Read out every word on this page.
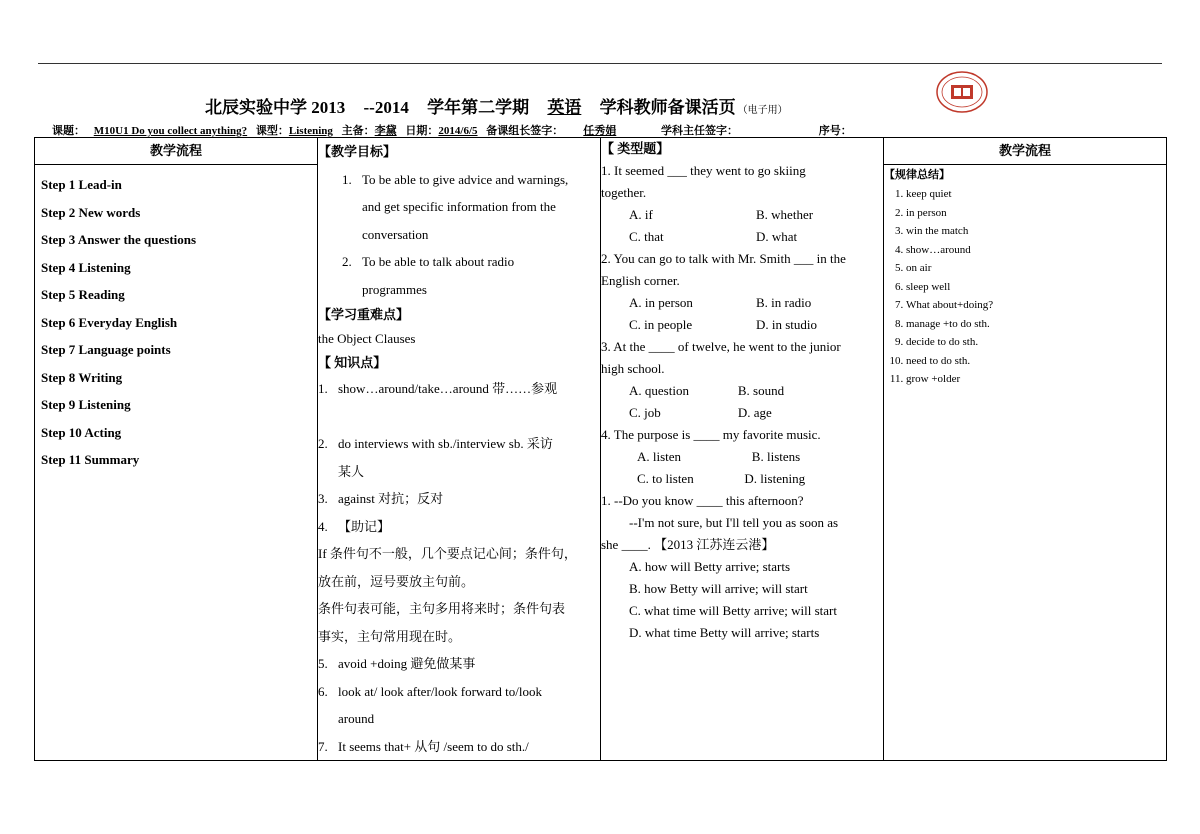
北辰实验中学 2013 --2014 学年第二学期 英语 学科教师备课活页 （电子用）
课题： M10U1 Do you collect anything? 课型：Listening 主备：李黛 日期：2014/6/5 备课组长签字： 任秀娟	学科主任签字：	序号：
教学流程
Step 1 Lead-in
Step 2 New words
Step 3 Answer the questions
Step 4 Listening
Step 5 Reading
Step 6 Everyday English
Step 7 Language points
Step 8 Writing
Step 9 Listening
Step 10 Acting
Step 11 Summary

【教学目标】
1. To be able to give advice and warnings,
and get specific information from the
conversation
2. To be able to talk about radio
programmes
【学习重难点】
the Object Clauses
【 知识点】
1. show…around/take…around 带……参观
2. do interviews with sb./interview sb. 采访
某人
3. against 对抗；反对
4. 【助记】
If 条件句不一般，几个要点记心间；条件句，
放在前，逗号要放主句前。
条件句表可能，主句多用将来时；条件句表
事实，主句常用现在时。
5. avoid +doing 避免做某事
6. look at/ look after/look forward to/look
around
7. It seems that+ 从句 /seem to do sth./

【 类型题】
1. It seemed ___ they went to go skiing
together.
A. if	B. whether
C. that	D. what
2. You can go to talk with Mr. Smith ___ in the
English corner.
A. in person	B. in radio
C. in people	D. in studio
3. At the ____ of twelve, he went to the junior
high school.
A. question	B. sound
C. job	D. age
4. The purpose is ____ my favorite music.
A. listen	B. listens
C. to listen	D. listening
1. --Do you know ____ this afternoon?
--I'm not sure, but I'll tell you as soon as
she ____. 【2013 江苏连云港】
A. how will Betty arrive; starts
B. how Betty will arrive; will start
C. what time will Betty arrive; will start
D. what time Betty will arrive; starts
	教学流程

【规律总结】
1. keep quiet
2. in person
3. win the match
4. show…around
5. on air
6. sleep well
7. What about+doing?
8. manage +to do sth.
9. decide to do sth.
10. need to do sth.
11. grow +older
